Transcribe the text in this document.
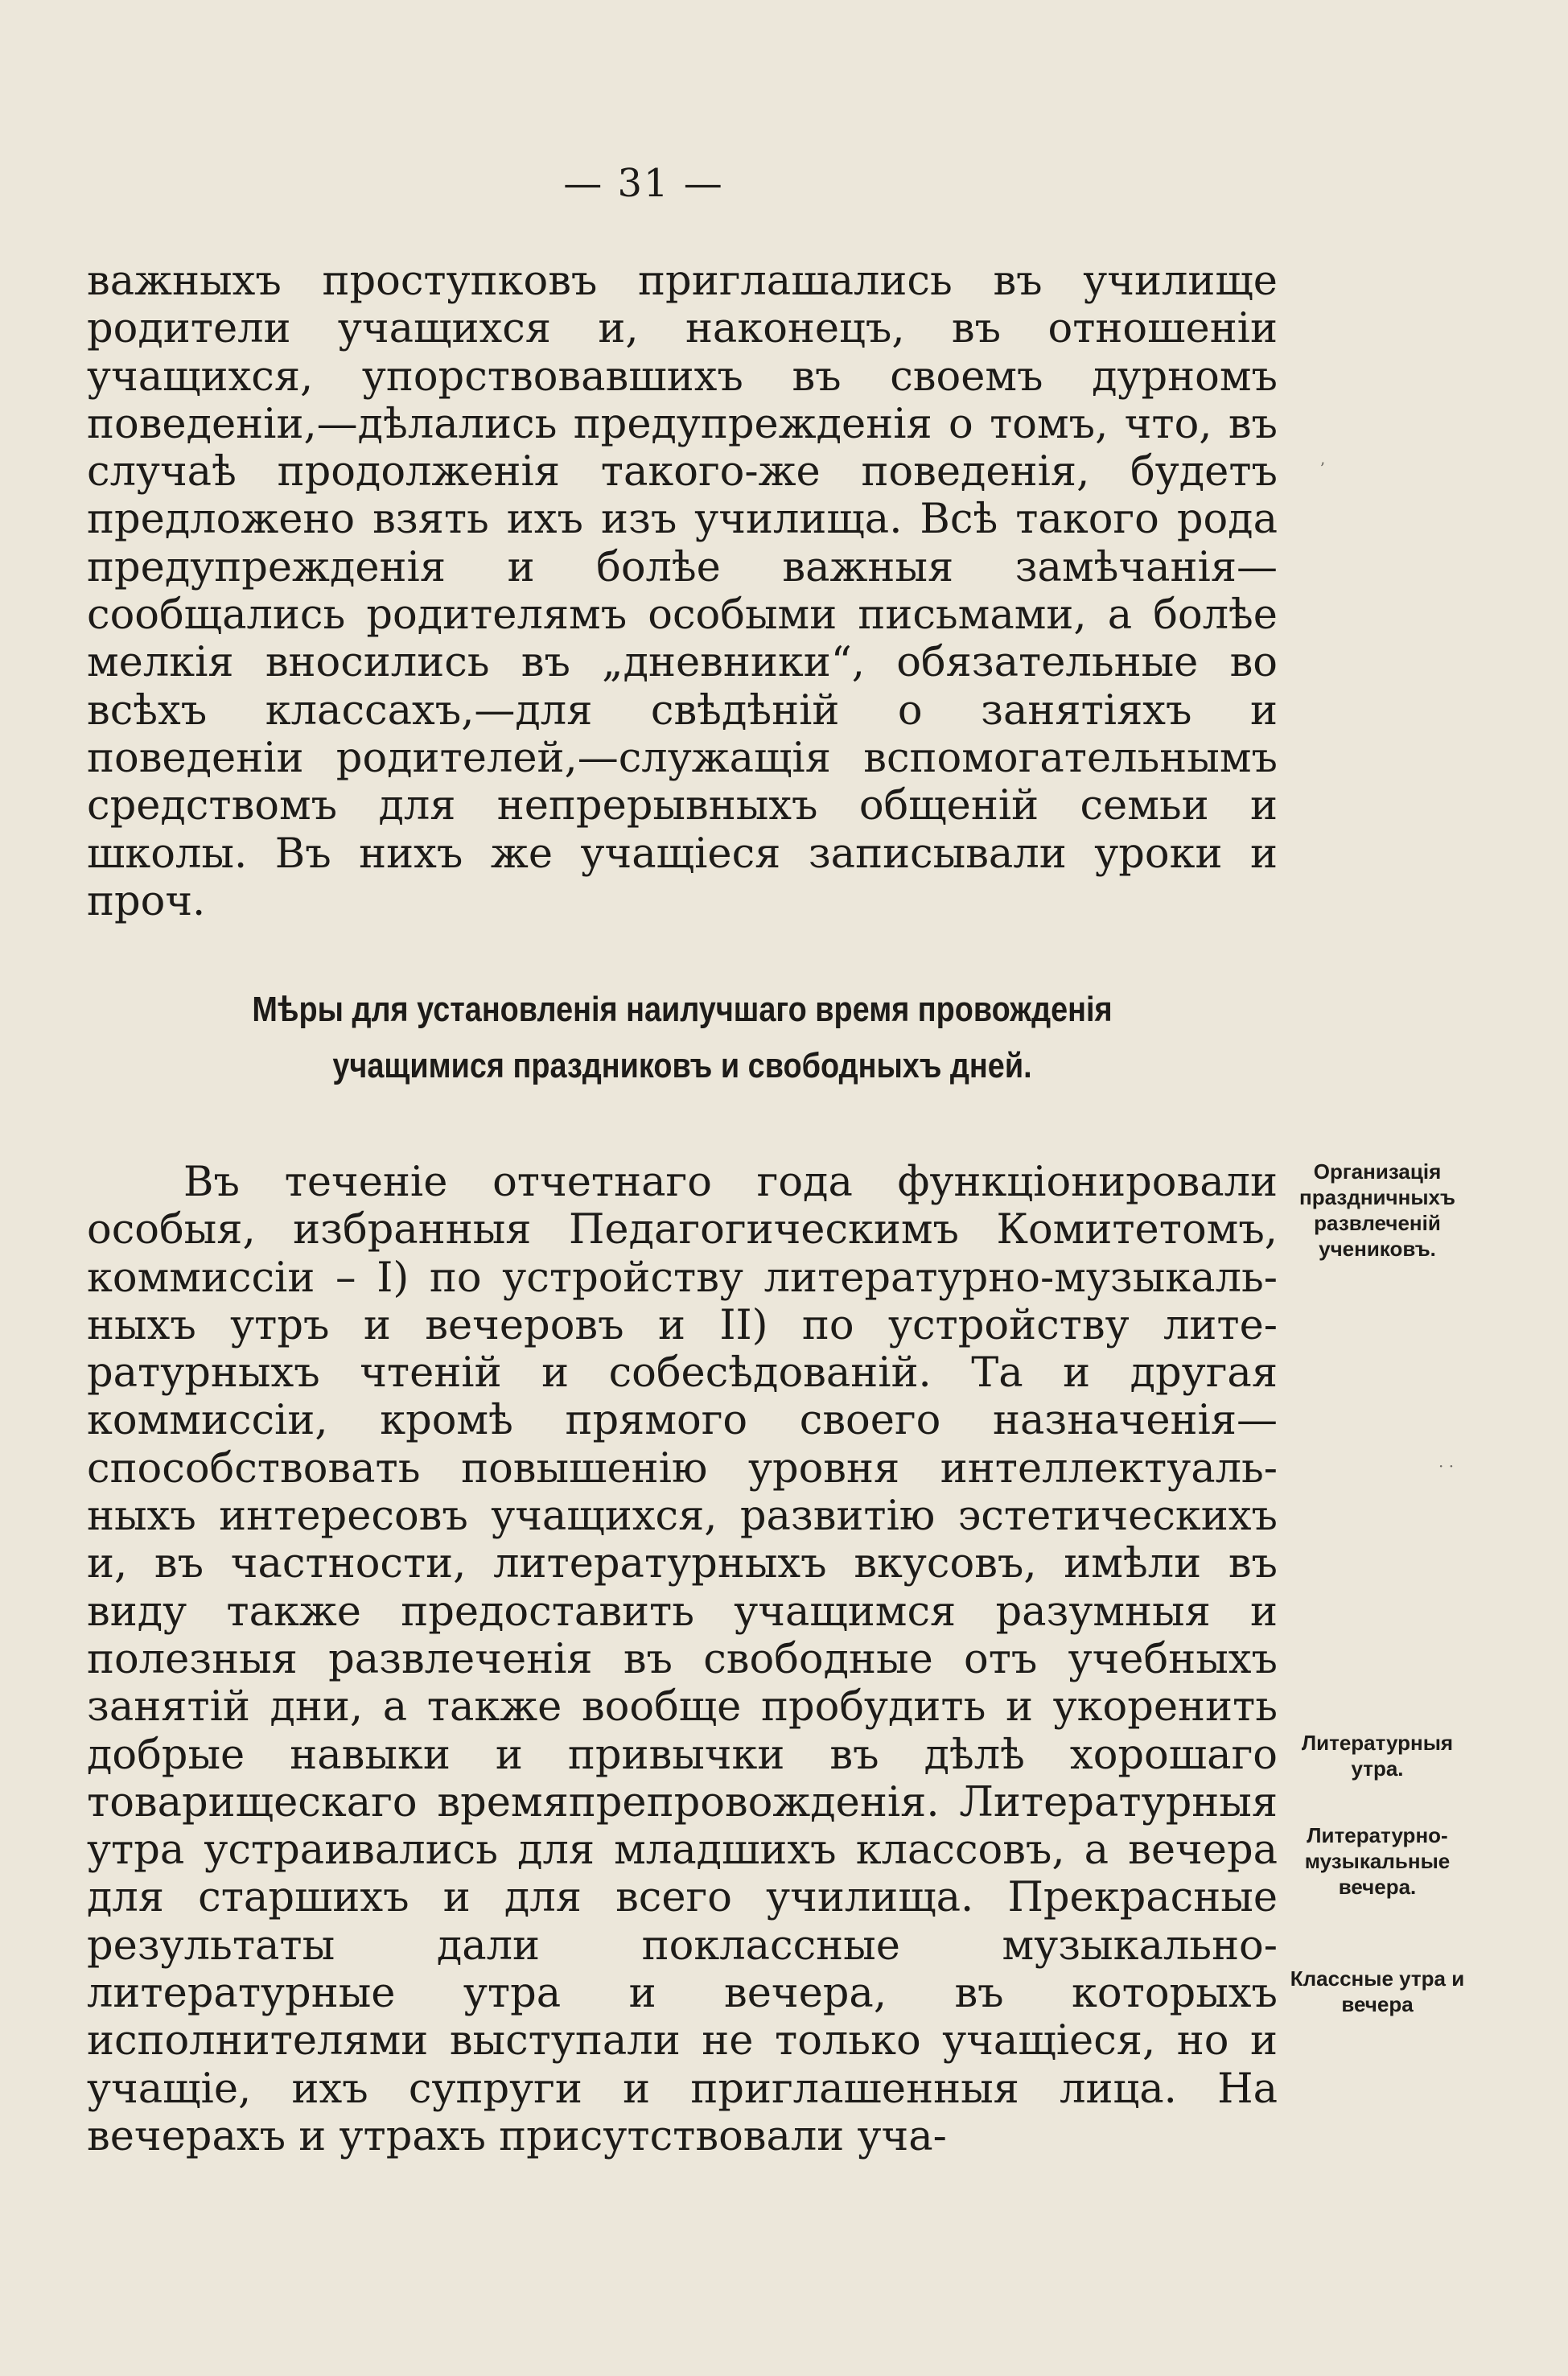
— 31 —

важныхъ проступковъ приглашались въ училище родители учащихся и, наконецъ, въ отношенiи учащихся, упорствовавшихъ въ своемъ дурномъ поведенiи,—дѣлались предупрежденiя о томъ, что, въ случаѣ продолженiя такого-же поведенiя, будетъ предложено взять ихъ изъ училища. Всѣ такого рода предупрежденiя и болѣе важныя замѣчанiя—сообщались родителямъ особыми письмами, а болѣе мелкiя вносились въ „дневники“, обязательные во всѣхъ классахъ,—для свѣдѣнiй о занятiяхъ и поведенiи родителей,—служащiя вспомогательнымъ средствомъ для непрерывныхъ общенiй семьи и школы. Въ нихъ же учащiеся записывали уроки и проч.

Мѣры для установленія наилучшаго время провожденія
учащимися праздниковъ и свободныхъ дней.

Въ теченiе отчетнаго года функцiонировали особыя, избранныя Педагогическимъ Комитетомъ, коммиссiи – I) по устройству литературно-музыкальныхъ утръ и вечеровъ и II) по устройству литературныхъ чтенiй и собесѣдованiй. Та и другая коммиссiи, кромѣ прямого своего назначенiя—способствовать повышенiю уровня интеллектуальныхъ интересовъ учащихся, развитiю эстетическихъ и, въ частности, литературныхъ вкусовъ, имѣли въ виду также предоставить учащимся разумныя и полезныя развлеченiя въ свободные отъ учебныхъ занятiй дни, а также вообще пробудить и укоренить добрые навыки и привычки въ дѣлѣ хорошаго товарищескаго времяпрепровожденiя. Литературныя утра устраивались для младшихъ классовъ, а вечера для старшихъ и для всего училища. Прекрасные результаты дали поклассные музыкально-литературные утра и вечера, въ которыхъ исполнителями выступали не только учащiеся, но и учащiе, ихъ супруги и приглашенныя лица. На вечерахъ и утрахъ присутствовали уча-

Организація праздничныхъ развлеченій учениковъ.
Литературныя утра.
Литературно-музыкальные вечера.
Классные утра и вечера
ʼ
· ·
